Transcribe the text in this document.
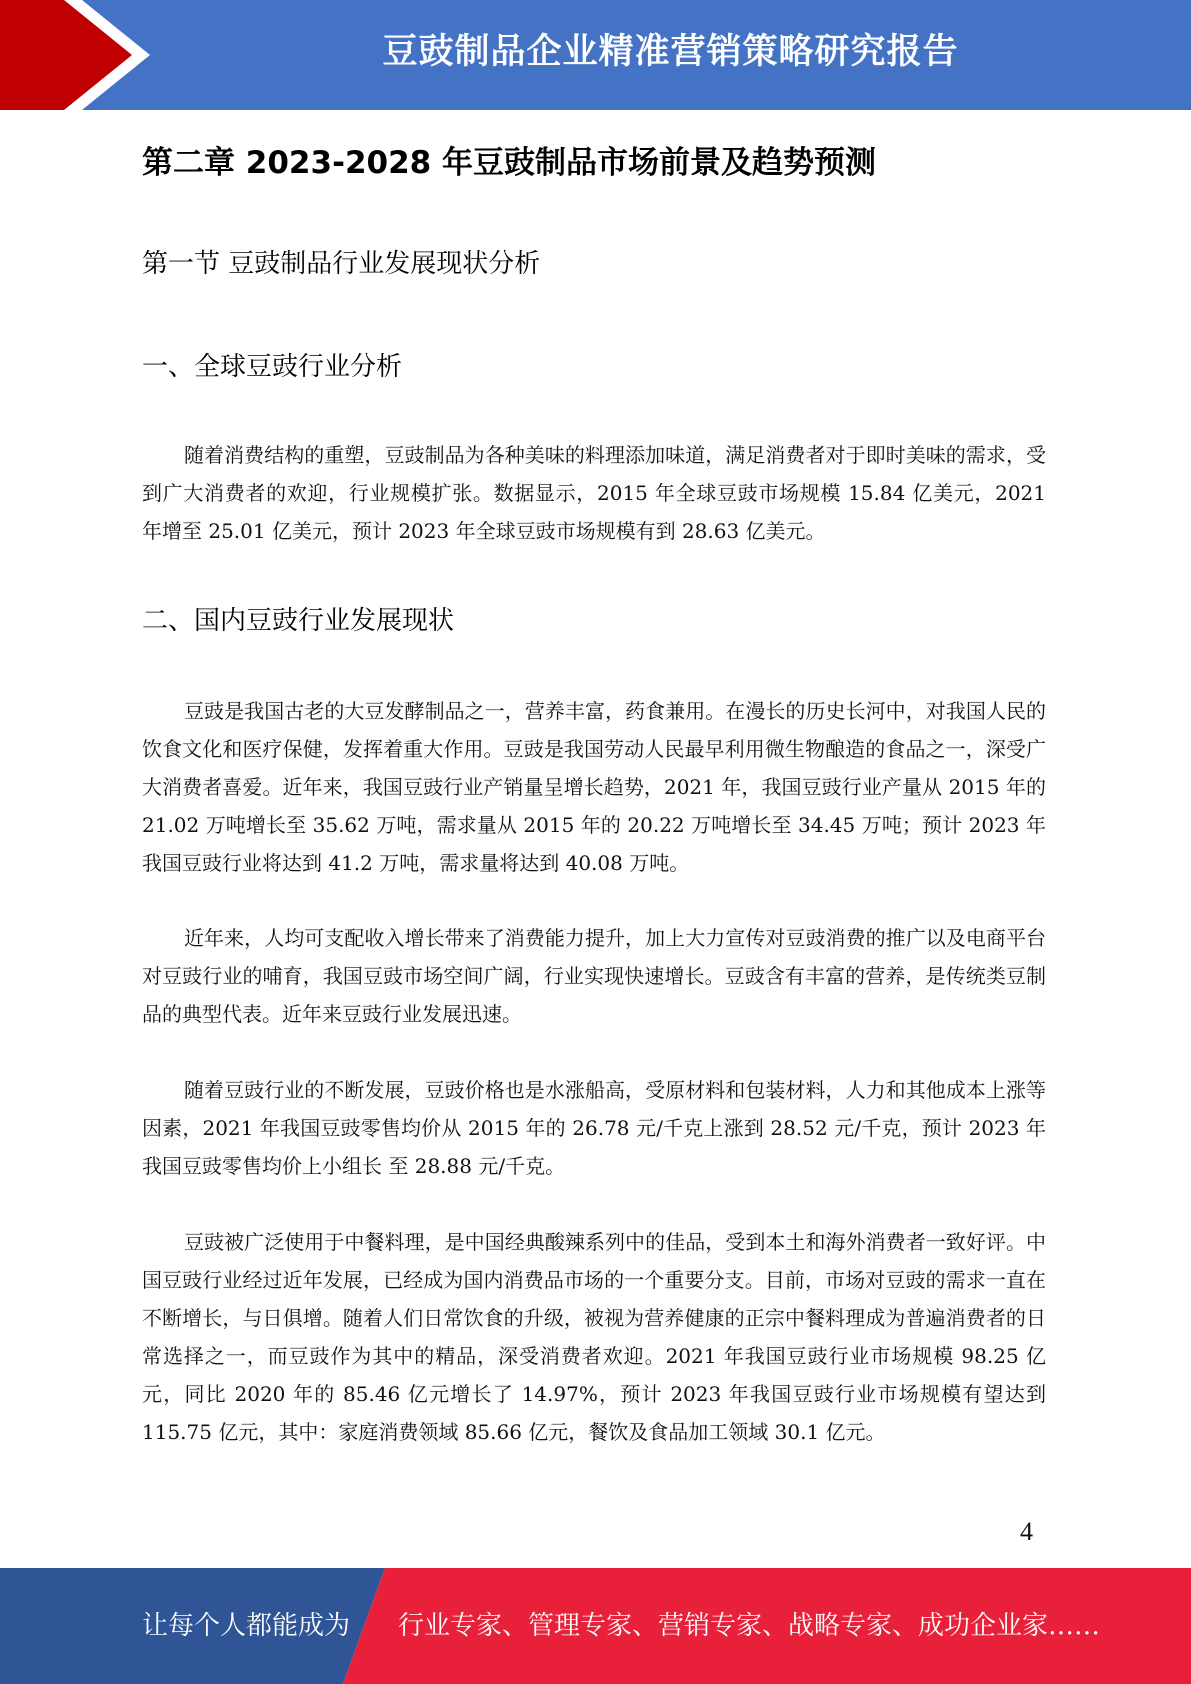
豆豉制品企业精准营销策略研究报告
第二章 2023-2028 年豆豉制品市场前景及趋势预测
第一节 豆豉制品行业发展现状分析
一、全球豆豉行业分析

随着消费结构的重塑，豆豉制品为各种美味的料理添加味道，满足消费者对于即时美味的需求，受到广大消费者的欢迎，行业规模扩张。数据显示，2015 年全球豆豉市场规模 15.84 亿美元，2021 年增至 25.01 亿美元，预计 2023 年全球豆豉市场规模有到 28.63 亿美元。

二、国内豆豉行业发展现状

豆豉是我国古老的大豆发酵制品之一，营养丰富，药食兼用。在漫长的历史长河中，对我国人民的饮食文化和医疗保健，发挥着重大作用。豆豉是我国劳动人民最早利用微生物酿造的食品之一，深受广大消费者喜爱。近年来，我国豆豉行业产销量呈增长趋势，2021 年，我国豆豉行业产量从 2015 年的 21.02 万吨增长至 35.62 万吨，需求量从 2015 年的 20.22 万吨增长至 34.45 万吨；预计 2023 年我国豆豉行业将达到 41.2 万吨，需求量将达到 40.08 万吨。

近年来，人均可支配收入增长带来了消费能力提升，加上大力宣传对豆豉消费的推广以及电商平台对豆豉行业的哺育，我国豆豉市场空间广阔，行业实现快速增长。豆豉含有丰富的营养，是传统类豆制品的典型代表。近年来豆豉行业发展迅速。

随着豆豉行业的不断发展，豆豉价格也是水涨船高，受原材料和包装材料，人力和其他成本上涨等因素，2021 年我国豆豉零售均价从 2015 年的 26.78 元/千克上涨到 28.52 元/千克，预计 2023 年我国豆豉零售均价上小组长 至 28.88 元/千克。

豆豉被广泛使用于中餐料理，是中国经典酸辣系列中的佳品，受到本土和海外消费者一致好评。中国豆豉行业经过近年发展，已经成为国内消费品市场的一个重要分支。目前，市场对豆豉的需求一直在不断增长，与日俱增。随着人们日常饮食的升级，被视为营养健康的正宗中餐料理成为普遍消费者的日常选择之一，而豆豉作为其中的精品，深受消费者欢迎。2021 年我国豆豉行业市场规模 98.25 亿元，同比 2020 年的 85.46 亿元增长了 14.97%，预计 2023 年我国豆豉行业市场规模有望达到 115.75 亿元，其中：家庭消费领域 85.66 亿元，餐饮及食品加工领域 30.1 亿元。

4
让每个人都能成为 行业专家、管理专家、营销专家、战略专家、成功企业家……
